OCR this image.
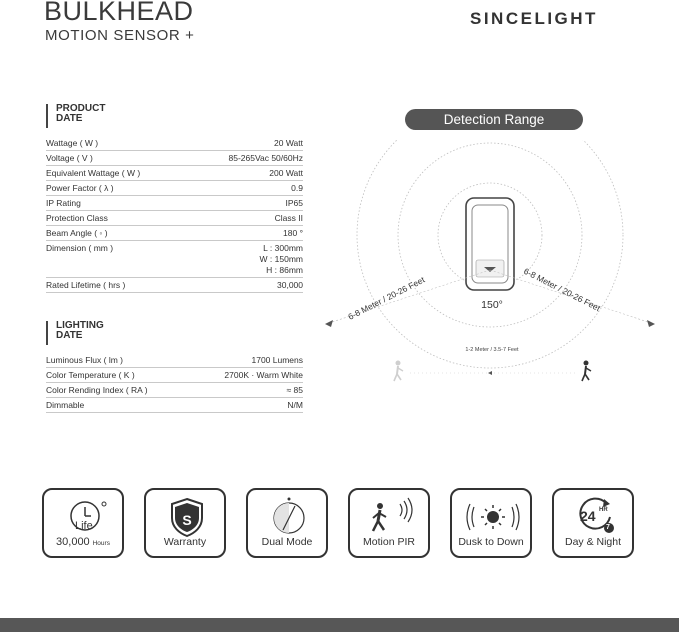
BULKHEAD
MOTION SENSOR +
SINCELIGHT
PRODUCT
DATE
Wattage ( W )	20 Watt
Voltage ( V )	85-265Vac 50/60Hz
Equivalent Wattage ( W )	200 Watt
Power Factor ( λ )	0.9
IP Rating	IP65
Protection Class	Class II
Beam Angle ( ◦ )	180 °
Dimension ( mm )	L : 300mm
W : 150mm
H : 86mm
Rated Lifetime ( hrs )	30,000
LIGHTING
DATE
Luminous Flux ( lm )	1700 Lumens
Color Temperature ( K )	2700K · Warm White
Color Rending Index ( RA )	≈ 85
Dimmable	N/M
Detection Range
150°
6-8 Meter / 20-26 Feet	6-8 Meter / 20-26 Feet
1-2 Meter / 3.5-7 Feet
Life
30,000 Hours
S
Warranty	Dual Mode	Motion PIR	Dusk to Down
24 HR
7
Day & Night
